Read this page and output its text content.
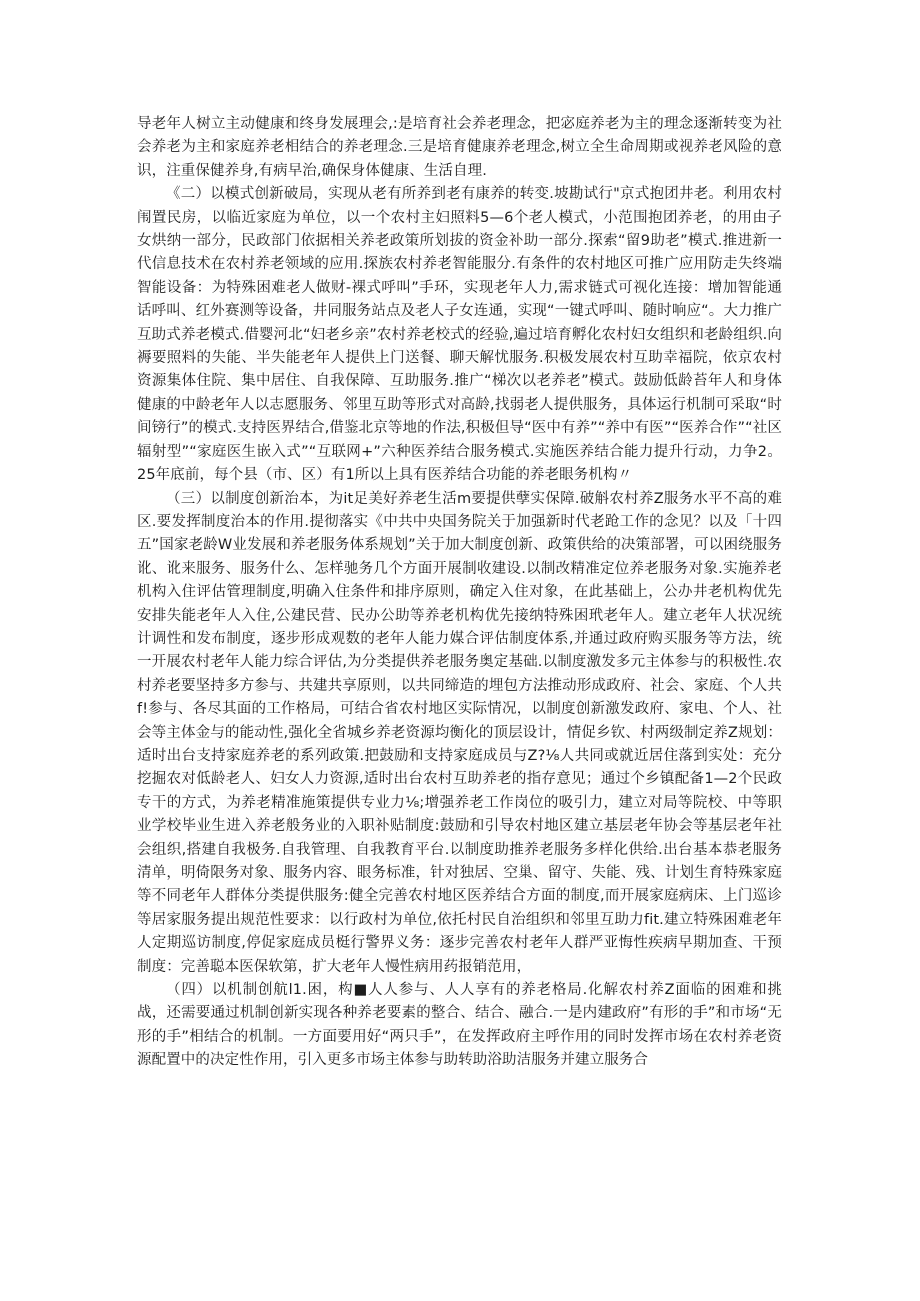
导老年人树立主动健康和终身发展理会,:是培育社会养老理念，把宓庭养老为主的理念逐渐转变为社会养老为主和家庭养老相结合的养老理念.三是培育健康养老理念,树立全生命周期或视养老风险的意识，注重保健养身,有病早治,确保身体健康、生活自理.

《二）以模式创新破局，实现从老有所养到老有康养的转变.坡勘试行"京式抱团井老。利用农村闱置民房，以临近家庭为单位，以一个农村主妇照料5—6个老人模式，小范围抱团养老，的用由子女烘纳一部分，民政部门依据相关养老政策所划拔的资金补助一部分.探索“留9助老”模式.推进新一代信息技术在农村养老领域的应用.探族农村养老智能服分.有条件的农村地区可推广应用防走失终端智能设备：为特殊困难老人做财-裸式呼叫”手环，实现老年人力,需求链式可视化连接：增加智能通话呼叫、红外赛测等设备，井同服务站点及老人子女连通，实现“一键式呼叫、随时响应“。大力推广互助式养老模式.借婴河北“妇老乡亲”农村养老校式的经验,遍过培育孵化农村妇女组织和老龄组织.向褥要照料的失能、半失能老年人提供上门送餐、聊天解忧服务.积极发展农村互助幸福院，依京农村资源集体住院、集中居住、自我保障、互助服务.推广“梯次以老养老”模式。鼓励低龄苔年人和身体健康的中龄老年人以志愿服务、邻里互助等形式对高龄,找弱老人提供服务，具体运行机制可采取“时间镑行”的模式.支持医界结合,借鉴北京等地的作法,积极但导“医中有养”“养中有医”“医养合作”“社区辐射型”“家庭医生嵌入式”“互联网+”六种医养结合服务模式.实施医养结合能力提升行动，力争2。25年底前，每个县（市、区）有1所以上具有医养结合功能的养老眼务机构〃

（三）以制度创新治本，为it足美好养老生活m要提供孽实保障.破斛农村养Z服务水平不高的难区.要发挥制度治本的作用.提彻落实《中共中央国务院关于加强新时代老跄工作的念见？以及「十四五”国家老龄W业发展和养老服务体系规划”关于加大制度创新、政策供给的决策部署，可以困绕服务讹、讹来服务、服务什么、怎样驰务几个方面开展制收建设.以制改精准定位养老服务对象.实施养老机构入住评估管理制度,明确入住条件和排序原则，确定入住对象，在此基础上，公办井老机构优先安排失能老年人入住,公建民营、民办公助等养老机构优先接纳特殊困玳老年人。建立老年人状况统计调性和发布制度，逐步形成观数的老年人能力媒合评估制度体系,并通过政府购买服务等方法，统一开展农村老年人能力综合评估,为分类提供养老服务奥定基础.以制度激发多元主体参与的积极性.农村养老要坚持多方参与、共建共享原则，以共同缔造的埋包方法推动形成政府、社会、家庭、个人共f!参与、各尽其面的工作格局，可结合省农村地区实际情况，以制度创新激发政府、家电、个人、社会等主体金与的能动性,强化全省城乡养老资源均衡化的顶层设计，情促乡钦、村两级制定养Z规划：适时出台支持家庭养老的系列政策.把鼓励和支持家庭成员与Z?⅛人共同或就近居住落到实处：充分挖掘农对低龄老人、妇女人力资源,适时出台农村互助养老的指存意见；通过个乡镇配备1—2个民政专干的方式，为养老精准施策提供专业力⅛;增强养老工作岗位的吸引力，建立对局等院校、中等职业学校毕业生进入养老般务业的入职补贴制度:鼓励和引导农村地区建立基层老年协会等基层老年社会组织,搭建自我极务.自我管理、自我教育平台.以制度助推养老服务多样化供给.出台基本恭老服务清单，明倚限务对象、服务内容、眼务标准，针对独居、空巢、留守、失能、残、计划生育特殊家庭等不同老年人群体分类提供服务:健全完善农村地区医养结合方面的制度,而开展家庭病床、上门巡诊等居家服务提出规范性要求：以行政村为单位,依托村民自治组织和邻里互助力fit.建立特殊困难老年人定期巡访制度,停促家庭成员梃行警界义务：逐步完善农村老年人群严亚悔性疾病早期加查、干预制度：完善聪本医保软第，扩大老年人慢性病用药报销范用，

（四）以机制创航l1.困，构■人人参与、人人享有的养老格局.化解农村养Z面临的困难和挑战，还需要通过机制创新实现各种养老要素的整合、结合、融合.一是内建政府”有形的手”和市场“无形的手”相结合的机制。一方面要用好“两只手”，在发挥政府主呼作用的同时发挥市场在农村养老资源配置中的决定性作用，引入更多市场主体参与助转助浴助洁服务并建立服务合
